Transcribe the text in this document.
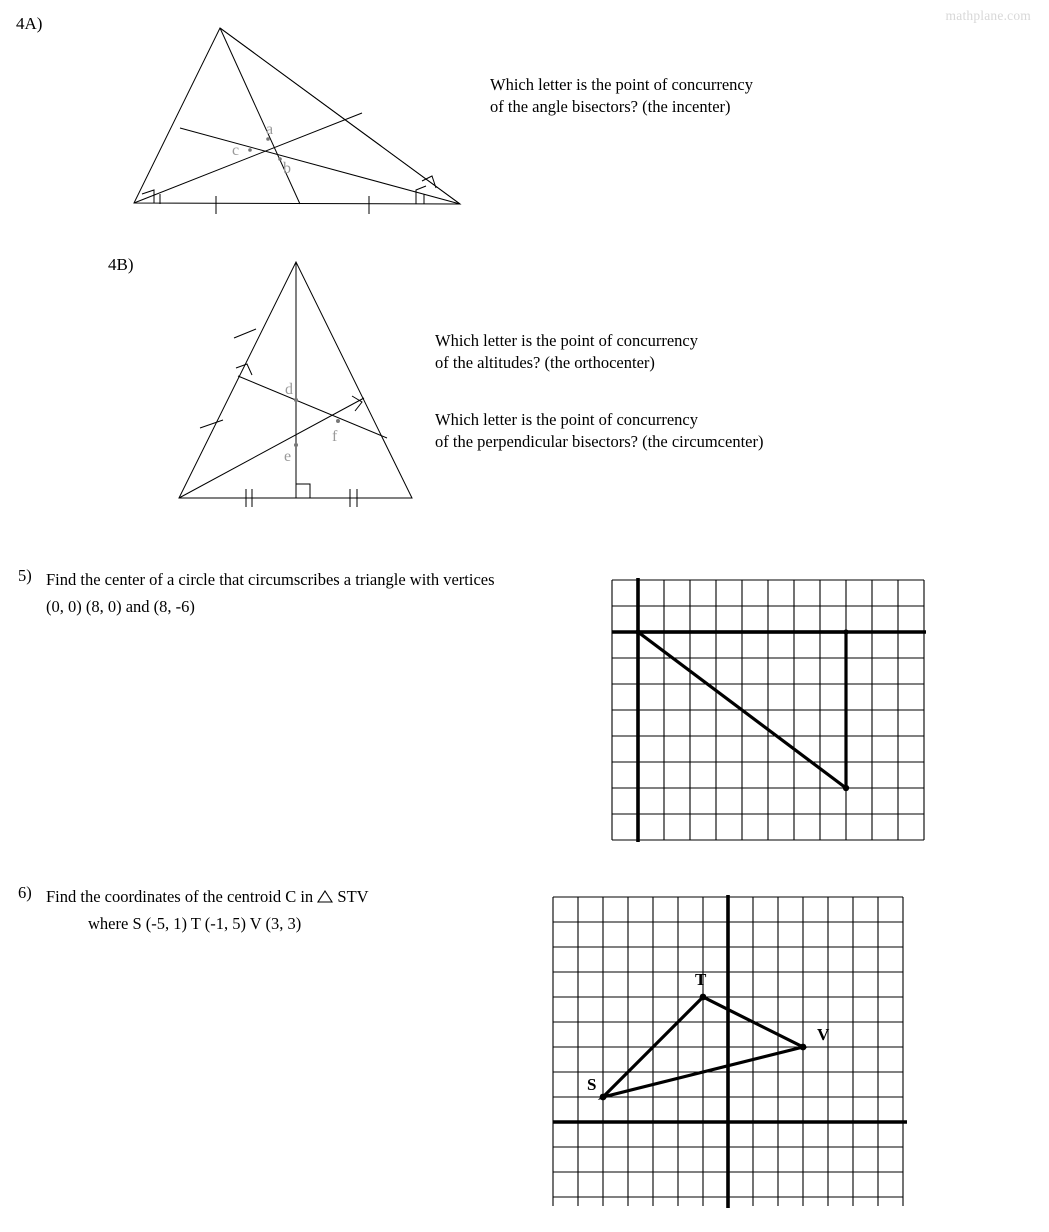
mathplane.com
4A)
a
c
b
Which letter is the point of concurrency
of the angle bisectors? (the incenter)
4B)
d
e
f
Which letter is the point of concurrency
of the altitudes? (the orthocenter)
Which letter is the point of concurrency
of the perpendicular bisectors? (the circumcenter)
5) Find the center of a circle that circumscribes a triangle with vertices
(0, 0) (8, 0) and (8, -6)
6) Find the coordinates of the centroid C in  STV
where S (-5, 1) T (-1, 5) V (3, 3)
S
T
V
